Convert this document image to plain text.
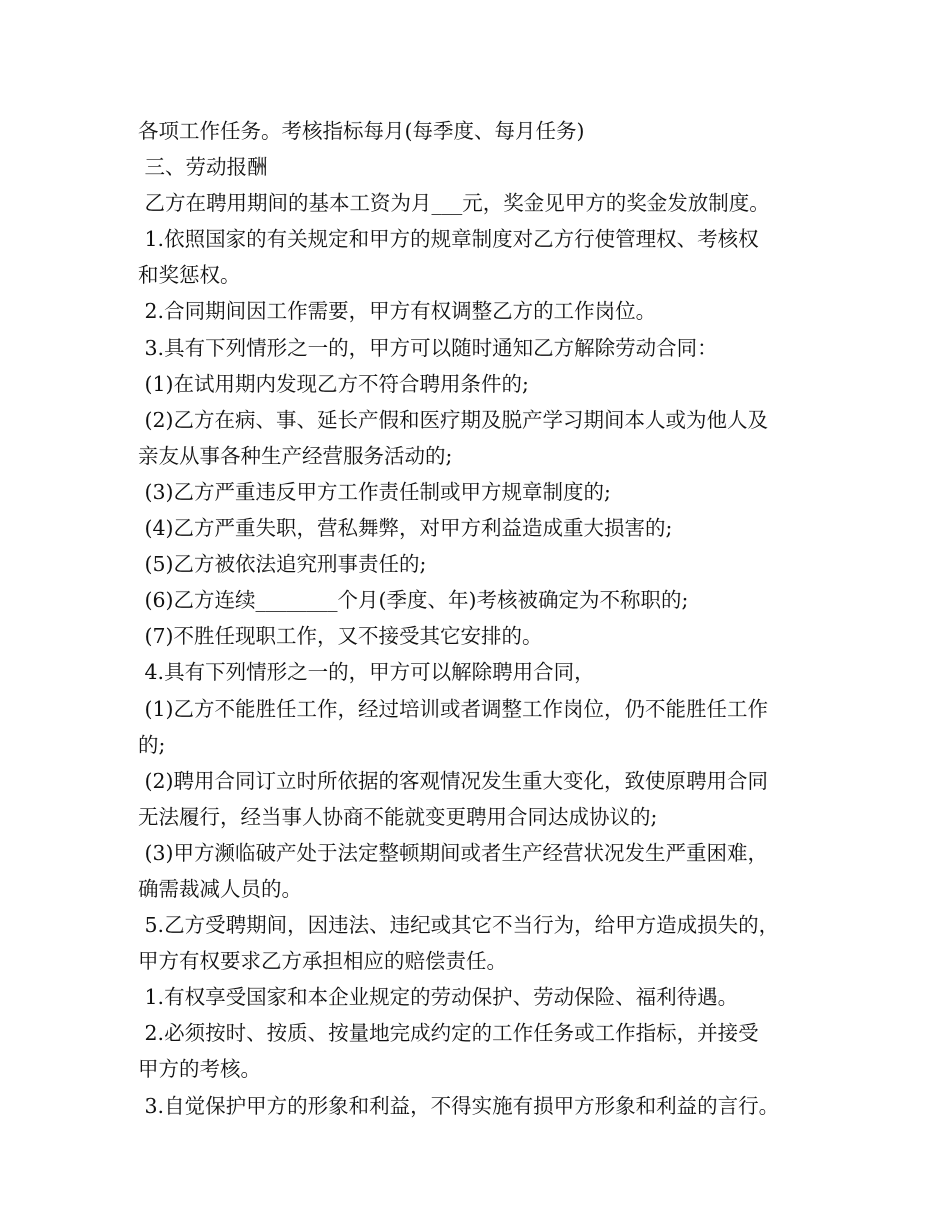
各项工作任务。考核指标每月(每季度、每月任务)
三、劳动报酬
乙方在聘用期间的基本工资为月___元，奖金见甲方的奖金发放制度。
1.依照国家的有关规定和甲方的规章制度对乙方行使管理权、考核权
和奖惩权。
2.合同期间因工作需要，甲方有权调整乙方的工作岗位。
3.具有下列情形之一的，甲方可以随时通知乙方解除劳动合同：
(1)在试用期内发现乙方不符合聘用条件的;
(2)乙方在病、事、延长产假和医疗期及脱产学习期间本人或为他人及
亲友从事各种生产经营服务活动的;
(3)乙方严重违反甲方工作责任制或甲方规章制度的;
(4)乙方严重失职，营私舞弊，对甲方利益造成重大损害的;
(5)乙方被依法追究刑事责任的;
(6)乙方连续________个月(季度、年)考核被确定为不称职的;
(7)不胜任现职工作，又不接受其它安排的。
4.具有下列情形之一的，甲方可以解除聘用合同，
(1)乙方不能胜任工作，经过培训或者调整工作岗位，仍不能胜任工作
的;
(2)聘用合同订立时所依据的客观情况发生重大变化，致使原聘用合同
无法履行，经当事人协商不能就变更聘用合同达成协议的;
(3)甲方濒临破产处于法定整顿期间或者生产经营状况发生严重困难，
确需裁减人员的。
5.乙方受聘期间，因违法、违纪或其它不当行为，给甲方造成损失的，
甲方有权要求乙方承担相应的赔偿责任。
1.有权享受国家和本企业规定的劳动保护、劳动保险、福利待遇。
2.必须按时、按质、按量地完成约定的工作任务或工作指标，并接受
甲方的考核。
3.自觉保护甲方的形象和利益，不得实施有损甲方形象和利益的言行。
